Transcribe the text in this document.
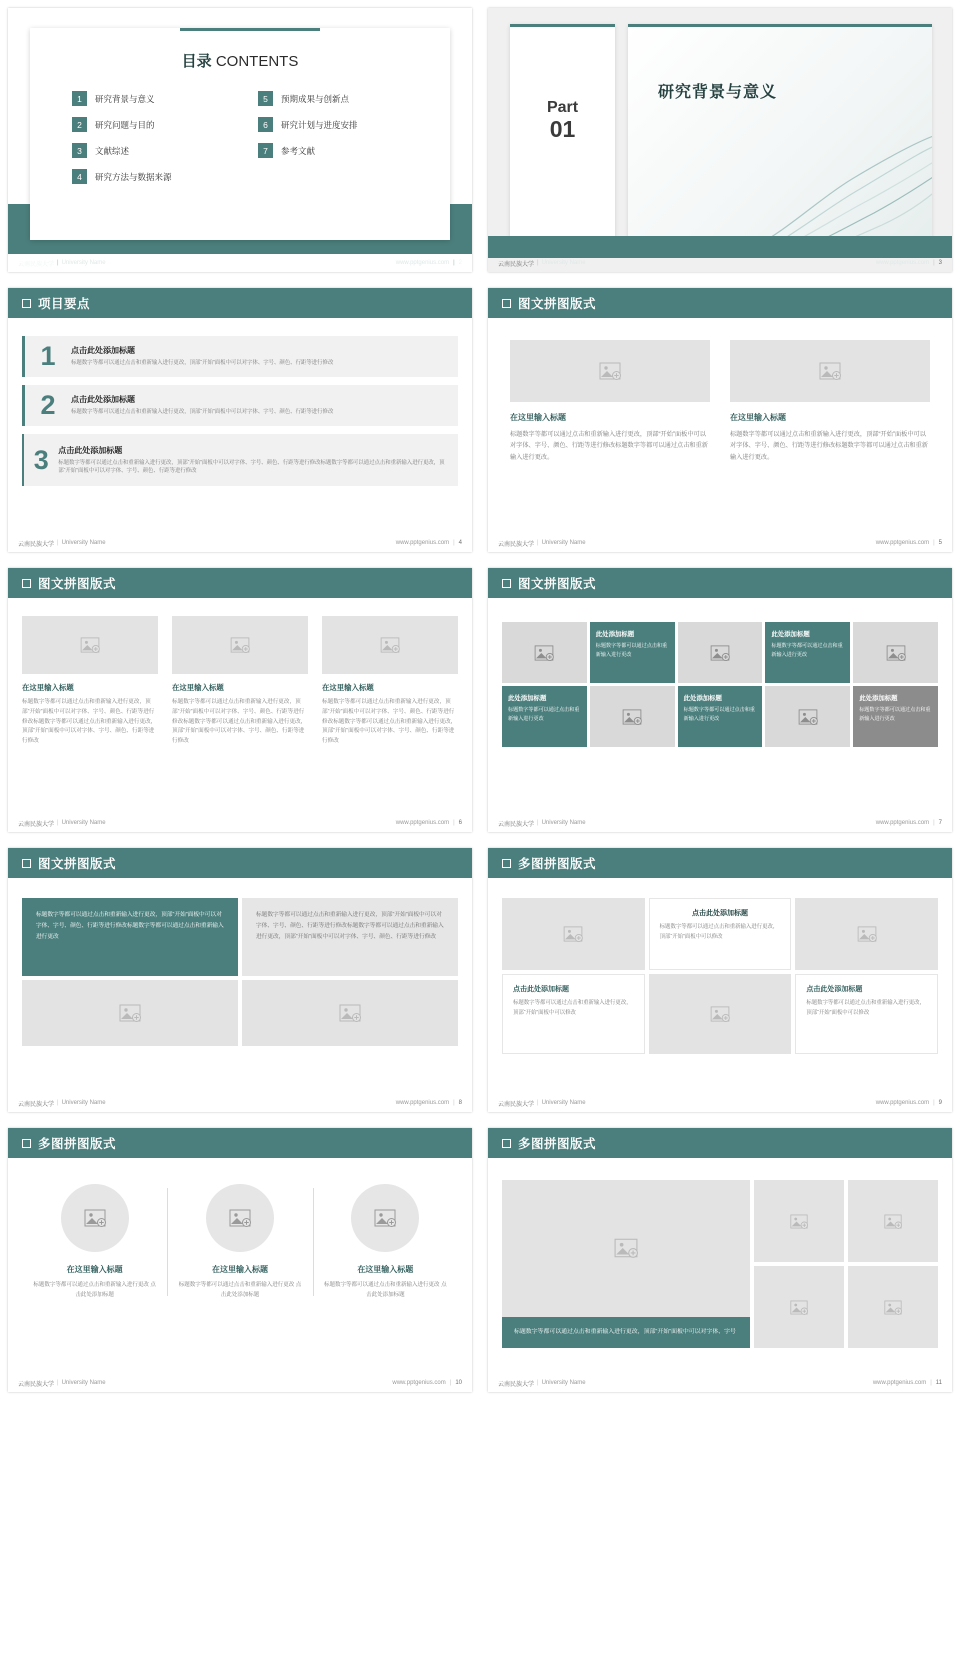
目录 CONTENTS
1	研究背景与意义
2	研究问题与目的
3	文献综述
4	研究方法与数据来源
5	预期成果与创新点
6	研究计划与进度安排
7	参考文献
云南民族大学 | University Name	www.pptgenius.com | 2
Part
01
研究背景与意义
云南民族大学 | University Name	www.pptgenius.com | 3
项目要点
1	点击此处添加标题
标题数字等都可以通过点击和重新输入进行更改，顶部“开始”面板中可以对字体、字号、颜色、行距等进行修改
2	点击此处添加标题
标题数字等都可以通过点击和重新输入进行更改，顶部“开始”面板中可以对字体、字号、颜色、行距等进行修改
3	点击此处添加标题
标题数字等都可以通过点击和重新输入进行更改，顶部“开始”面板中可以对字体、字号、颜色、行距等进行修改标题数字等都可以通过点击和重新输入进行更改，顶部“开始”面板中可以对字体、字号、颜色、行距等进行修改
云南民族大学 | University Name	www.pptgenius.com | 4
图文拼图版式
在这里输入标题
标题数字等都可以通过点击和重新输入进行更改，顶部“开始”面板中可以对字体、字号、颜色、行距等进行修改标题数字等都可以通过点击和重新输入进行更改。
在这里输入标题
标题数字等都可以通过点击和重新输入进行更改，顶部“开始”面板中可以对字体、字号、颜色、行距等进行修改标题数字等都可以通过点击和重新输入进行更改。
云南民族大学 | University Name	www.pptgenius.com | 5
图文拼图版式
在这里输入标题
标题数字等都可以通过点击和重新输入进行更改，顶部“开始”面板中可以对字体、字号、颜色、行距等进行修改标题数字等都可以通过点击和重新输入进行更改，顶部“开始”面板中可以对字体、字号、颜色、行距等进行修改
在这里输入标题
标题数字等都可以通过点击和重新输入进行更改，顶部“开始”面板中可以对字体、字号、颜色、行距等进行修改标题数字等都可以通过点击和重新输入进行更改，顶部“开始”面板中可以对字体、字号、颜色、行距等进行修改
在这里输入标题
标题数字等都可以通过点击和重新输入进行更改，顶部“开始”面板中可以对字体、字号、颜色、行距等进行修改标题数字等都可以通过点击和重新输入进行更改，顶部“开始”面板中可以对字体、字号、颜色、行距等进行修改
云南民族大学 | University Name	www.pptgenius.com | 6
图文拼图版式
此处添加标题
标题数字等都可以通过点击和重新输入进行更改
此处添加标题
标题数字等都可以通过点击和重新输入进行更改
此处添加标题
标题数字等都可以通过点击和重新输入进行更改
此处添加标题
标题数字等都可以通过点击和重新输入进行更改
此处添加标题
标题数字等都可以通过点击和重新输入进行更改
云南民族大学 | University Name	www.pptgenius.com | 7
图文拼图版式
标题数字等都可以通过点击和重新输入进行更改，顶部“开始”面板中可以对字体、字号、颜色、行距等进行修改标题数字等都可以通过点击和重新输入进行更改
标题数字等都可以通过点击和重新输入进行更改，顶部“开始”面板中可以对字体、字号、颜色、行距等进行修改标题数字等都可以通过点击和重新输入进行更改，顶部“开始”面板中可以对字体、字号、颜色、行距等进行修改
云南民族大学 | University Name	www.pptgenius.com | 8
多图拼图版式
点击此处添加标题
标题数字等都可以通过点击和重新输入进行更改，顶部“开始”面板中可以修改
点击此处添加标题
标题数字等都可以通过点击和重新输入进行更改，顶部“开始”面板中可以修改
点击此处添加标题
标题数字等都可以通过点击和重新输入进行更改，顶部“开始”面板中可以修改
云南民族大学 | University Name	www.pptgenius.com | 9
多图拼图版式
在这里输入标题
标题数字等都可以通过点击和重新输入进行更改 点击此处添加标题
在这里输入标题
标题数字等都可以通过点击和重新输入进行更改 点击此处添加标题
在这里输入标题
标题数字等都可以通过点击和重新输入进行更改 点击此处添加标题
云南民族大学 | University Name	www.pptgenius.com | 10
多图拼图版式
标题数字等都可以通过点击和重新输入进行更改，顶部“开始”面板中可以对字体、字号
云南民族大学 | University Name	www.pptgenius.com | 11
